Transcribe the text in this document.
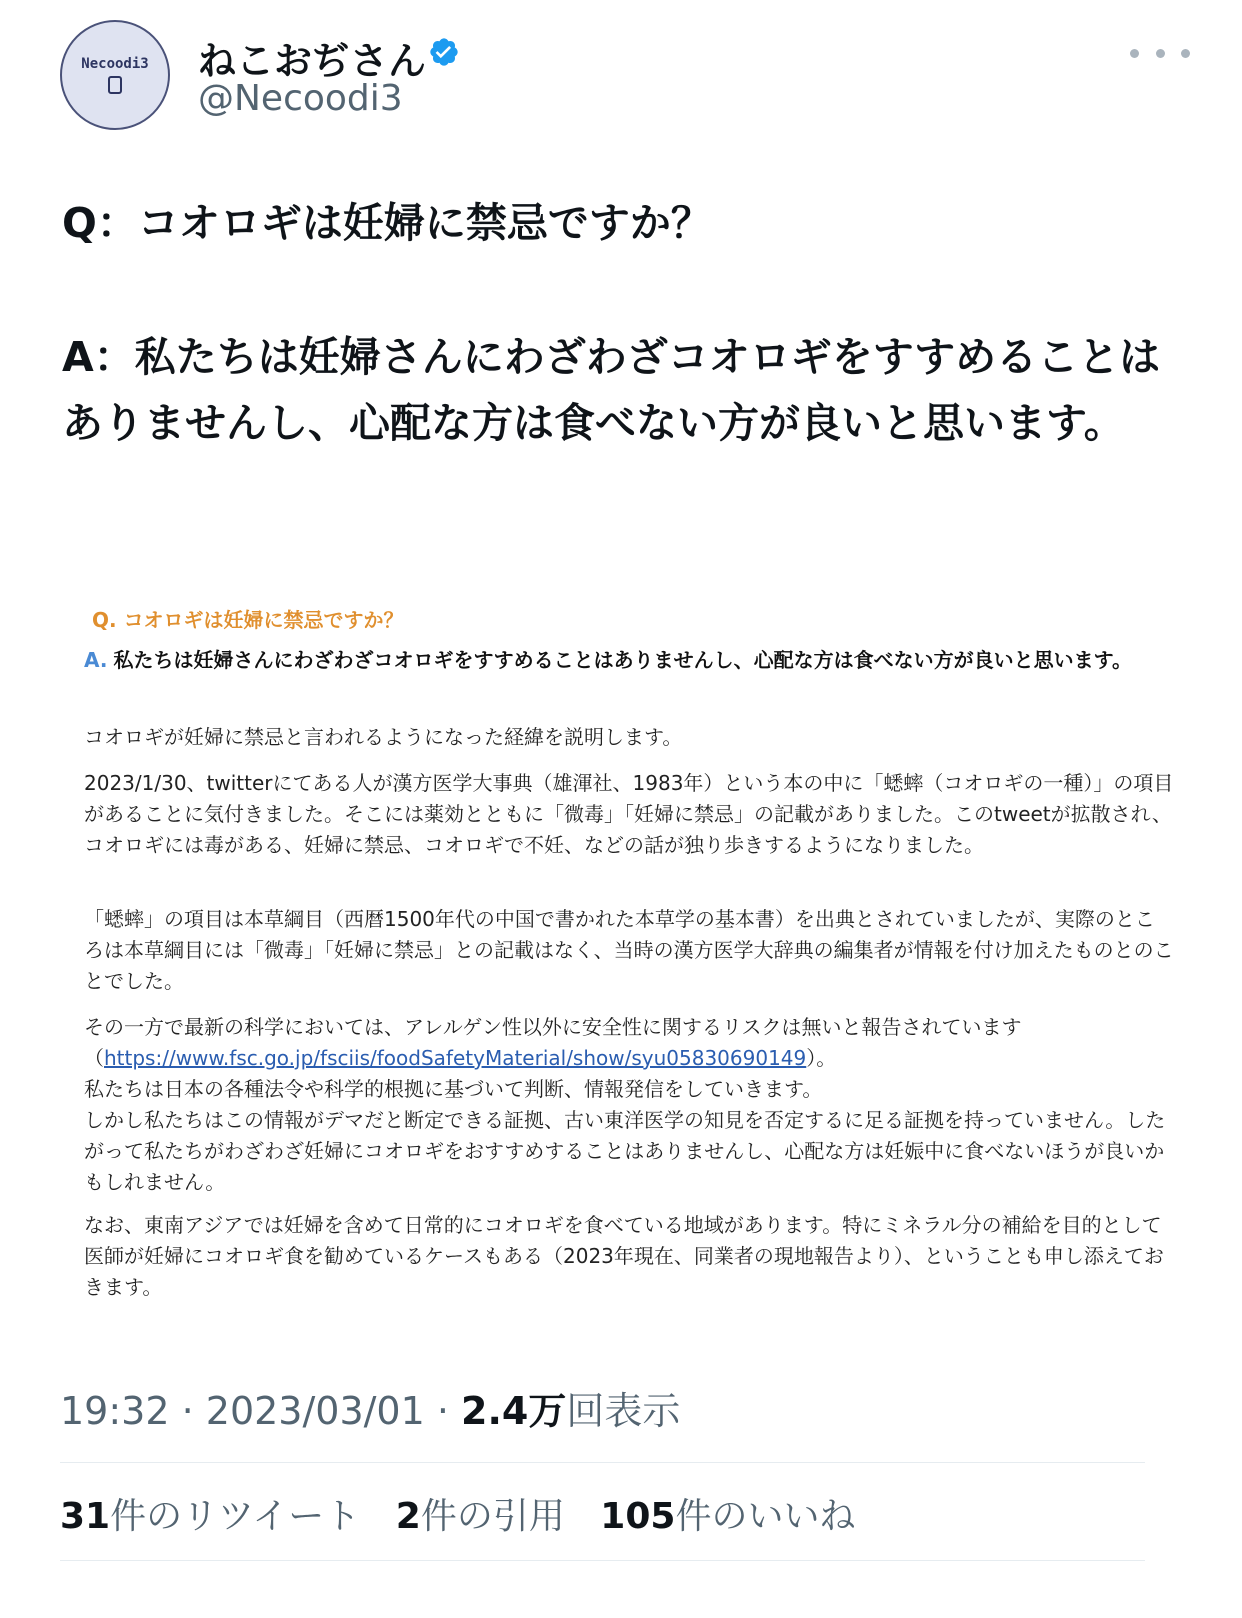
Necoodi3 ねこおぢさん
@Necoodi3
Q：コオロギは妊婦に禁忌ですか？
A：私たちは妊婦さんにわざわざコオロギをすすめることはありませんし、心配な方は食べない方が良いと思います。
Q. コオロギは妊婦に禁忌ですか？
A. 私たちは妊婦さんにわざわざコオロギをすすめることはありませんし、心配な方は食べない方が良いと思います。
コオロギが妊婦に禁忌と言われるようになった経緯を説明します。
2023/1/30、twitterにてある人が漢方医学大事典（雄渾社、1983年）という本の中に「蟋蟀（コオロギの一種）」の項目があることに気付きました。そこには薬効とともに「微毒」「妊婦に禁忌」の記載がありました。このtweetが拡散され、コオロギには毒がある、妊婦に禁忌、コオロギで不妊、などの話が独り歩きするようになりました。
「蟋蟀」の項目は本草綱目（西暦1500年代の中国で書かれた本草学の基本書）を出典とされていましたが、実際のところは本草綱目には「微毒」「妊婦に禁忌」との記載はなく、当時の漢方医学大辞典の編集者が情報を付け加えたものとのことでした。
その一方で最新の科学においては、アレルゲン性以外に安全性に関するリスクは無いと報告されています（https://www.fsc.go.jp/fsciis/foodSafetyMaterial/show/syu05830690149）。
私たちは日本の各種法令や科学的根拠に基づいて判断、情報発信をしていきます。
しかし私たちはこの情報がデマだと断定できる証拠、古い東洋医学の知見を否定するに足る証拠を持っていません。したがって私たちがわざわざ妊婦にコオロギをおすすめすることはありませんし、心配な方は妊娠中に食べないほうが良いかもしれません。
なお、東南アジアでは妊婦を含めて日常的にコオロギを食べている地域があります。特にミネラル分の補給を目的として医師が妊婦にコオロギ食を勧めているケースもある（2023年現在、同業者の現地報告より）、ということも申し添えておきます。
19:32 · 2023/03/01 · 2.4万回表示
31件のリツイート 2件の引用 105件のいいね
